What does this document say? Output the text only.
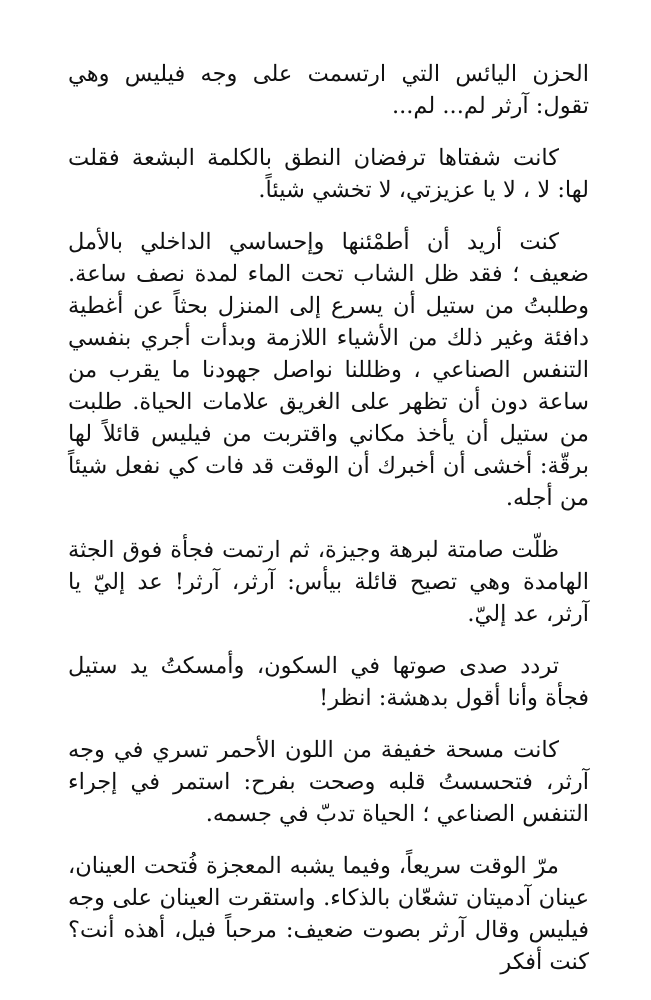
الحزن اليائس التي ارتسمت على وجه فيليس وهي تقول: آرثر لم... لم...

كانت شفتاها ترفضان النطق بالكلمة البشعة فقلت لها: لا ، لا يا عزيزتي، لا تخشي شيئاً.

كنت أريد أن أطمْئنها وإحساسي الداخلي بالأمل ضعيف ؛ فقد ظل الشاب تحت الماء لمدة نصف ساعة. وطلبتُ من ستيل أن يسرع إلى المنزل بحثاً عن أغطية دافئة وغير ذلك من الأشياء اللازمة وبدأت أجري بنفسي التنفس الصناعي ، وظللنا نواصل جهودنا ما يقرب من ساعة دون أن تظهر على الغريق علامات الحياة. طلبت من ستيل أن يأخذ مكاني واقتربت من فيليس قائلاً لها برقّة: أخشى أن أخبرك أن الوقت قد فات كي نفعل شيئاً من أجله.

ظلّت صامتة لبرهة وجيزة، ثم ارتمت فجأة فوق الجثة الهامدة وهي تصيح قائلة بيأس: آرثر، آرثر! عد إليّ يا آرثر، عد إليّ.

تردد صدى صوتها في السكون، وأمسكتُ يد ستيل فجأة وأنا أقول بدهشة: انظر!

كانت مسحة خفيفة من اللون الأحمر تسري في وجه آرثر، فتحسستُ قلبه وصحت بفرح: استمر في إجراء التنفس الصناعي ؛ الحياة تدبّ في جسمه.

مرّ الوقت سريعاً، وفيما يشبه المعجزة فُتحت العينان، عينان آدميتان تشعّان بالذكاء. واستقرت العينان على وجه فيليس وقال آرثر بصوت ضعيف: مرحباً فيل، أهذه أنت؟ كنت أفكر
